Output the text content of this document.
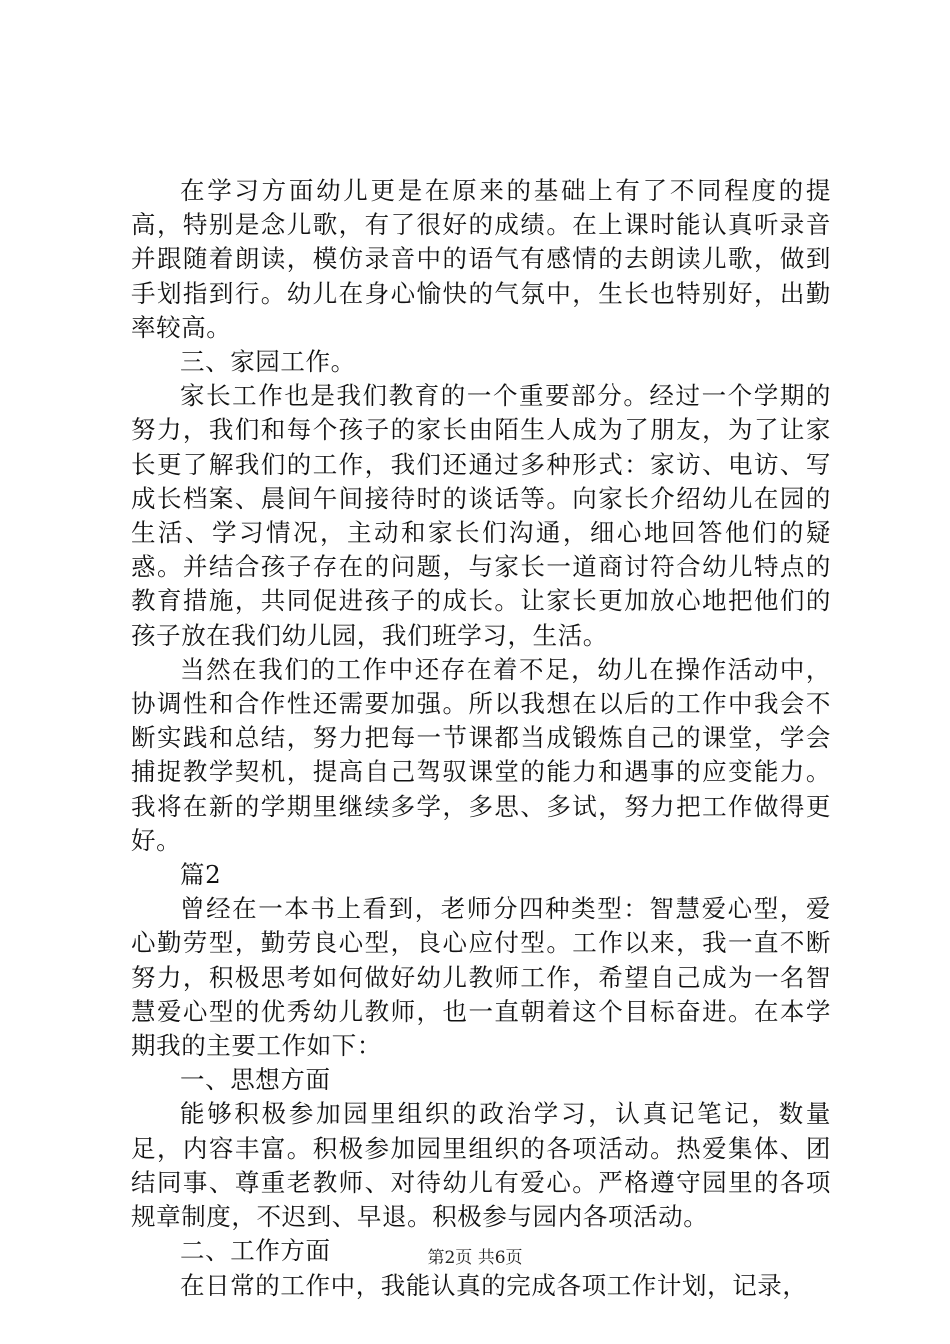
在学习方面幼儿更是在原来的基础上有了不同程度的提高，特别是念儿歌，有了很好的成绩。在上课时能认真听录音并跟随着朗读，模仿录音中的语气有感情的去朗读儿歌，做到手划指到行。幼儿在身心愉快的气氛中，生长也特别好，出勤率较高。

三、家园工作。

家长工作也是我们教育的一个重要部分。经过一个学期的努力，我们和每个孩子的家长由陌生人成为了朋友，为了让家长更了解我们的工作，我们还通过多种形式：家访、电访、写成长档案、晨间午间接待时的谈话等。向家长介绍幼儿在园的生活、学习情况，主动和家长们沟通，细心地回答他们的疑惑。并结合孩子存在的问题，与家长一道商讨符合幼儿特点的教育措施，共同促进孩子的成长。让家长更加放心地把他们的孩子放在我们幼儿园，我们班学习，生活。

当然在我们的工作中还存在着不足，幼儿在操作活动中，协调性和合作性还需要加强。所以我想在以后的工作中我会不断实践和总结，努力把每一节课都当成锻炼自己的课堂，学会捕捉教学契机，提高自己驾驭课堂的能力和遇事的应变能力。我将在新的学期里继续多学，多思、多试，努力把工作做得更好。

篇2

曾经在一本书上看到，老师分四种类型：智慧爱心型，爱心勤劳型，勤劳良心型，良心应付型。工作以来，我一直不断努力，积极思考如何做好幼儿教师工作，希望自己成为一名智慧爱心型的优秀幼儿教师，也一直朝着这个目标奋进。在本学期我的主要工作如下：

一、思想方面

能够积极参加园里组织的政治学习，认真记笔记，数量足，内容丰富。积极参加园里组织的各项活动。热爱集体、团结同事、尊重老教师、对待幼儿有爱心。严格遵守园里的各项规章制度，不迟到、早退。积极参与园内各项活动。

二、工作方面

在日常的工作中，我能认真的完成各项工作计划，记录，

第2页 共6页
